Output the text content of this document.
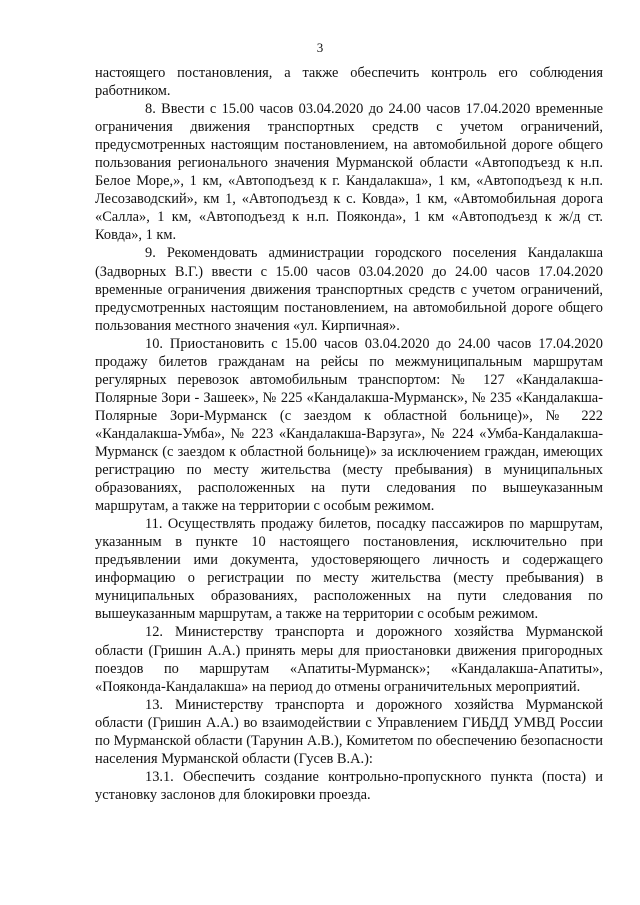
3

настоящего постановления, а также обеспечить контроль его соблюдения работником.

8. Ввести с 15.00 часов 03.04.2020 до 24.00 часов 17.04.2020 временные ограничения движения транспортных средств с учетом ограничений, предусмотренных настоящим постановлением, на автомобильной дороге общего пользования регионального значения Мурманской области «Автоподъезд к н.п. Белое Море,», 1 км, «Автоподъезд к г. Кандалакша», 1 км, «Автоподъезд к н.п. Лесозаводский», км 1, «Автоподъезд к с. Ковда», 1 км, «Автомобильная дорога «Салла», 1 км, «Автоподъезд к н.п. Пояконда», 1 км «Автоподъезд к ж/д ст. Ковда», 1 км.

9. Рекомендовать администрации городского поселения Кандалакша (Задворных В.Г.) ввести с 15.00 часов 03.04.2020 до 24.00 часов 17.04.2020 временные ограничения движения транспортных средств с учетом ограничений, предусмотренных настоящим постановлением, на автомобильной дороге общего пользования местного значения «ул. Кирпичная».

10. Приостановить с 15.00 часов 03.04.2020 до 24.00 часов 17.04.2020 продажу билетов гражданам на рейсы по межмуниципальным маршрутам регулярных перевозок автомобильным транспортом: № 127 «Кандалакша-Полярные Зори - Зашеек», № 225 «Кандалакша-Мурманск», № 235 «Кандалакша-Полярные Зори-Мурманск (с заездом к областной больнице)», № 222 «Кандалакша-Умба», № 223 «Кандалакша-Варзуга», № 224 «Умба-Кандалакша-Мурманск (с заездом к областной больнице)» за исключением граждан, имеющих регистрацию по месту жительства (месту пребывания) в муниципальных образованиях, расположенных на пути следования по вышеуказанным маршрутам, а также на территории с особым режимом.

11. Осуществлять продажу билетов, посадку пассажиров по маршрутам, указанным в пункте 10 настоящего постановления, исключительно при предъявлении ими документа, удостоверяющего личность и содержащего информацию о регистрации по месту жительства (месту пребывания) в муниципальных образованиях, расположенных на пути следования по вышеуказанным маршрутам, а также на территории с особым режимом.

12. Министерству транспорта и дорожного хозяйства Мурманской области (Гришин А.А.) принять меры для приостановки движения пригородных поездов по маршрутам «Апатиты-Мурманск»; «Кандалакша-Апатиты», «Пояконда-Кандалакша» на период до отмены ограничительных мероприятий.

13. Министерству транспорта и дорожного хозяйства Мурманской области (Гришин А.А.) во взаимодействии с Управлением ГИБДД УМВД России по Мурманской области (Тарунин А.В.), Комитетом по обеспечению безопасности населения Мурманской области (Гусев В.А.):

13.1. Обеспечить создание контрольно-пропускного пункта (поста) и установку заслонов для блокировки проезда.
